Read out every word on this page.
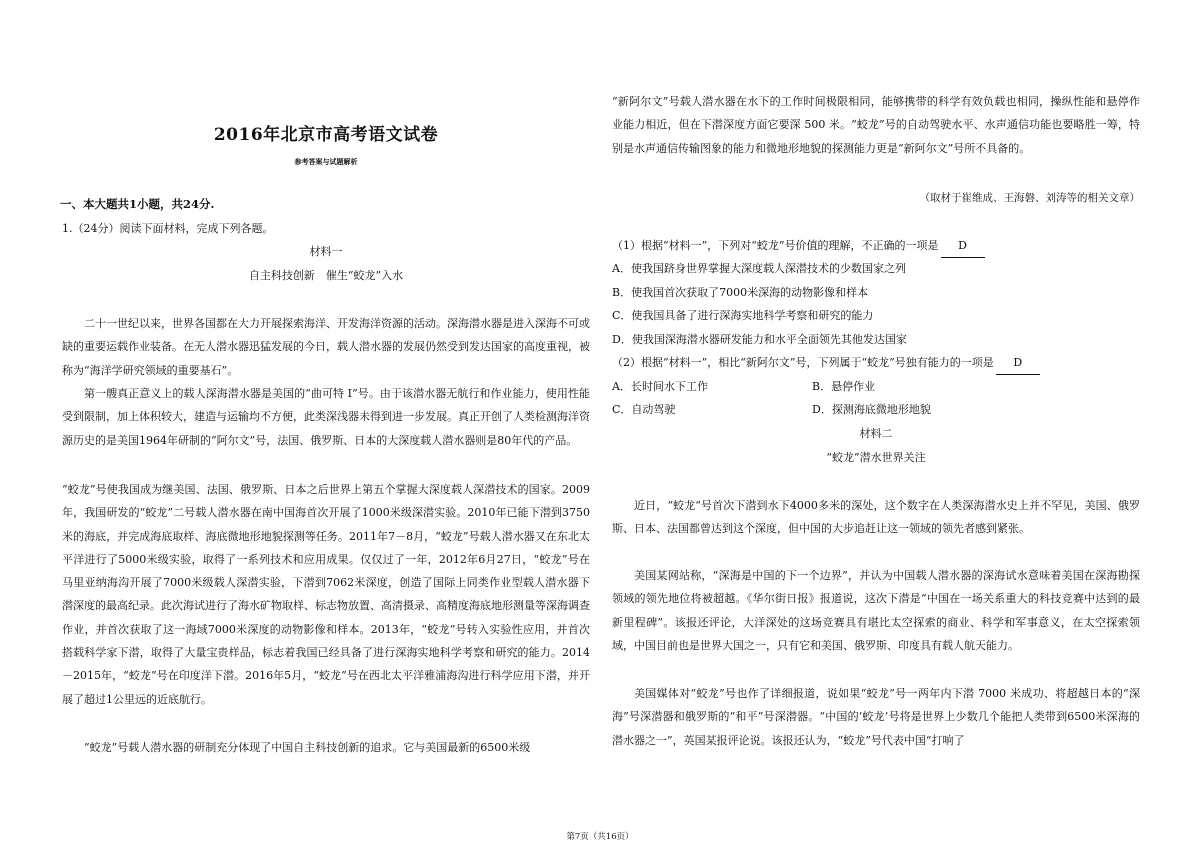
2016年北京市高考语文试卷
参考答案与试题解析
一、本大题共1小题，共24分.
1.（24分）阅读下面材料，完成下列各题。
材料一
自主科技创新　催生“蛟龙”入水
二十一世纪以来，世界各国都在大力开展探索海洋、开发海洋资源的活动。深海潜水器是进入深海不可或缺的重要运载作业装备。在无人潜水器迅猛发展的今日，载人潜水器的发展仍然受到发达国家的高度重视，被称为“海洋学研究领域的重要基石”。
第一艘真正意义上的载人深海潜水器是美国的“曲可特 Ⅰ”号。由于该潜水器无航行和作业能力，使用性能受到限制，加上体积较大，建造与运输均不方便，此类深浅器未得到进一步发展。真正开创了人类检测海洋资源历史的是美国1964年研制的“阿尔文”号，法国、俄罗斯、日本的大深度载人潜水器则是80年代的产品。
“蛟龙”号使我国成为继美国、法国、俄罗斯、日本之后世界上第五个掌握大深度载人深潜技术的国家。2009年，我国研发的“蛟龙”二号载人潜水器在南中国海首次开展了1000米级深潜实验。2010年已能下潜到3750米的海底，并完成海底取样、海底微地形地貌探测等任务。2011年7－8月，“蛟龙”号载人潜水器又在东北太平洋进行了5000米级实验，取得了一系列技术和应用成果。仅仅过了一年，2012年6月27日，“蛟龙”号在马里亚纳海沟开展了7000米级载人深潜实验，下潜到7062米深度，创造了国际上同类作业型载人潜水器下潜深度的最高纪录。此次海试进行了海水矿物取样、标志物放置、高清摄录、高精度海底地形测量等深海调查作业，并首次获取了这一海域7000米深度的动物影像和样本。2013年，“蛟龙”号转入实验性应用，并首次搭载科学家下潜，取得了大量宝贵样品，标志着我国已经具备了进行深海实地科学考察和研究的能力。2014－2015年，“蛟龙”号在印度洋下潜。2016年5月，“蛟龙”号在西北太平洋雅浦海沟进行科学应用下潜，并开展了超过1公里远的近底航行。
“蛟龙”号载人潜水器的研制充分体现了中国自主科技创新的追求。它与美国最新的6500米级
“新阿尔文”号载人潜水器在水下的工作时间极限相同，能够携带的科学有效负载也相同，操纵性能和悬停作业能力相近，但在下潜深度方面它要深 500 米。“蛟龙”号的自动驾驶水平、水声通信功能也要略胜一筹，特别是水声通信传输图象的能力和微地形地貌的探测能力更是“新阿尔文”号所不具备的。
（取材于崔维成、王海磐、刘涛等的相关文章）
（1）根据“材料一”，下列对“蛟龙”号价值的理解，不正确的一项是 D
A．使我国跻身世界掌握大深度载人深潜技术的少数国家之列
B．使我国首次获取了7000米深海的动物影像和样本
C．使我国具备了进行深海实地科学考察和研究的能力
D．使我国深海潜水器研发能力和水平全面领先其他发达国家
（2）根据“材料一”，相比“新阿尔文”号，下列属于“蛟龙”号独有能力的一项是 D
A．长时间水下工作	B．悬停作业
C．自动驾驶	D．探测海底微地形地貌
材料二
“蛟龙”潜水世界关注
近日，“蛟龙“号首次下潜到水下4000多米的深处，这个数字在人类深海潜水史上并不罕见，美国、俄罗斯、日本、法国都曾达到这个深度，但中国的大步追赶让这一领域的领先者感到紧张。
美国某网站称，“深海是中国的下一个边界”，并认为中国载人潜水器的深海试水意味着美国在深海勘探领域的领先地位将被超越。《华尔街日报》报道说，这次下潜是“中国在一场关系重大的科技竞赛中达到的最新里程碑”。该报还评论，大洋深处的这场竞赛具有堪比太空探索的商业、科学和军事意义，在太空探索领域，中国目前也是世界大国之一，只有它和美国、俄罗斯、印度具有载人航天能力。
美国媒体对“蛟龙”号也作了详细报道，说如果“蛟龙”号一两年内下潜 7000 米成功、将超越日本的“深海”号深潜器和俄罗斯的“和平”号深潜器。“中国的‘蛟龙’号将是世界上少数几个能把人类带到6500米深海的潜水器之一”，英国某报评论说。该报还认为，“蛟龙”号代表中国“打响了
第7页（共16页）
